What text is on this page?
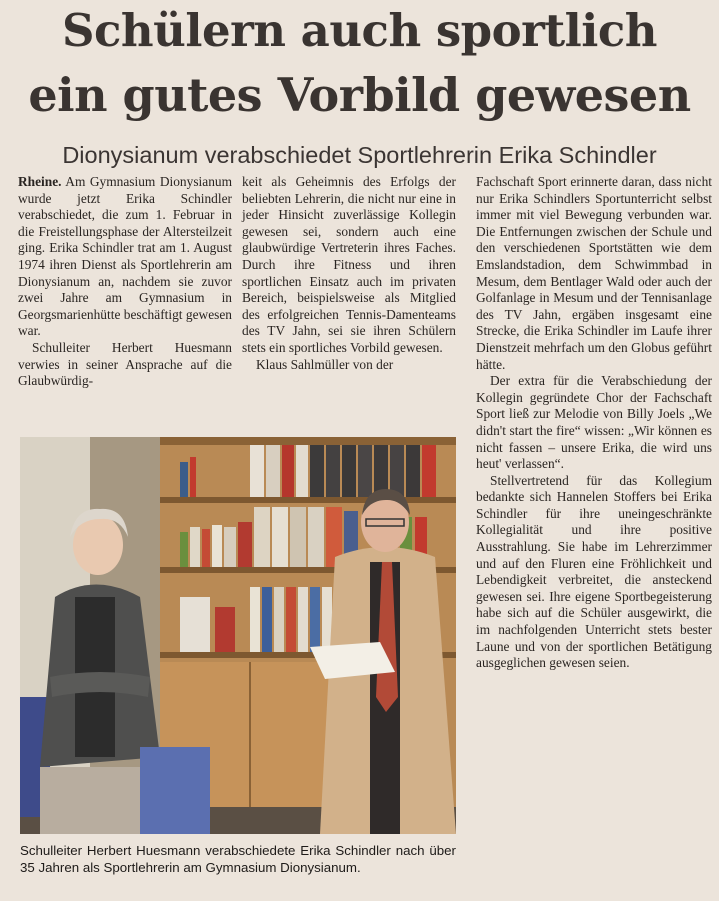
Schülern auch sportlich
ein gutes Vorbild gewesen
Dionysianum verabschiedet Sportlehrerin Erika Schindler

Rheine. Am Gymnasium Dionysianum wurde jetzt Erika Schindler verabschiedet, die zum 1. Februar in die Freistellungsphase der Altersteilzeit ging. Erika Schindler trat am 1. August 1974 ihren Dienst als Sportlehrerin am Dionysianum an, nachdem sie zuvor zwei Jahre am Gymnasium in Georgsmarienhütte beschäftigt gewesen war.

Schulleiter Herbert Huesmann verwies in seiner Ansprache auf die Glaubwürdig-

keit als Geheimnis des Erfolgs der beliebten Lehrerin, die nicht nur eine in jeder Hinsicht zuverlässige Kollegin gewesen sei, sondern auch eine glaubwürdige Vertreterin ihres Faches. Durch ihre Fitness und ihren sportlichen Einsatz auch im privaten Bereich, beispielsweise als Mitglied des erfolgreichen Tennis-Damenteams des TV Jahn, sei sie ihren Schülern stets ein sportliches Vorbild gewesen.

Klaus Sahlmüller von der

Fachschaft Sport erinnerte daran, dass nicht nur Erika Schindlers Sportunterricht selbst immer mit viel Bewegung verbunden war. Die Entfernungen zwischen der Schule und den verschiedenen Sportstätten wie dem Emslandstadion, dem Schwimmbad in Mesum, dem Bentlager Wald oder auch der Golfanlage in Mesum und der Tennisanlage des TV Jahn, ergäben insgesamt eine Strecke, die Erika Schindler im Laufe ihrer Dienstzeit mehrfach um den Globus geführt hätte.

Der extra für die Verabschiedung der Kollegin gegründete Chor der Fachschaft Sport ließ zur Melodie von Billy Joels „We didn't start the fire“ wissen: „Wir können es nicht fassen – unsere Erika, die wird uns heut' verlassen“.

Stellvertretend für das Kollegium bedankte sich Hannelen Stoffers bei Erika Schindler für ihre uneingeschränkte Kollegialität und ihre positive Ausstrahlung. Sie habe im Lehrerzimmer und auf den Fluren eine Fröhlichkeit und Lebendigkeit verbreitet, die ansteckend gewesen sei. Ihre eigene Sportbegeisterung habe sich auf die Schüler ausgewirkt, die im nachfolgenden Unterricht stets bester Laune und von der sportlichen Betätigung ausgeglichen gewesen seien.

Schulleiter Herbert Huesmann verabschiedete Erika Schindler nach über 35 Jahren als Sportlehrerin am Gymnasium Dionysianum.
